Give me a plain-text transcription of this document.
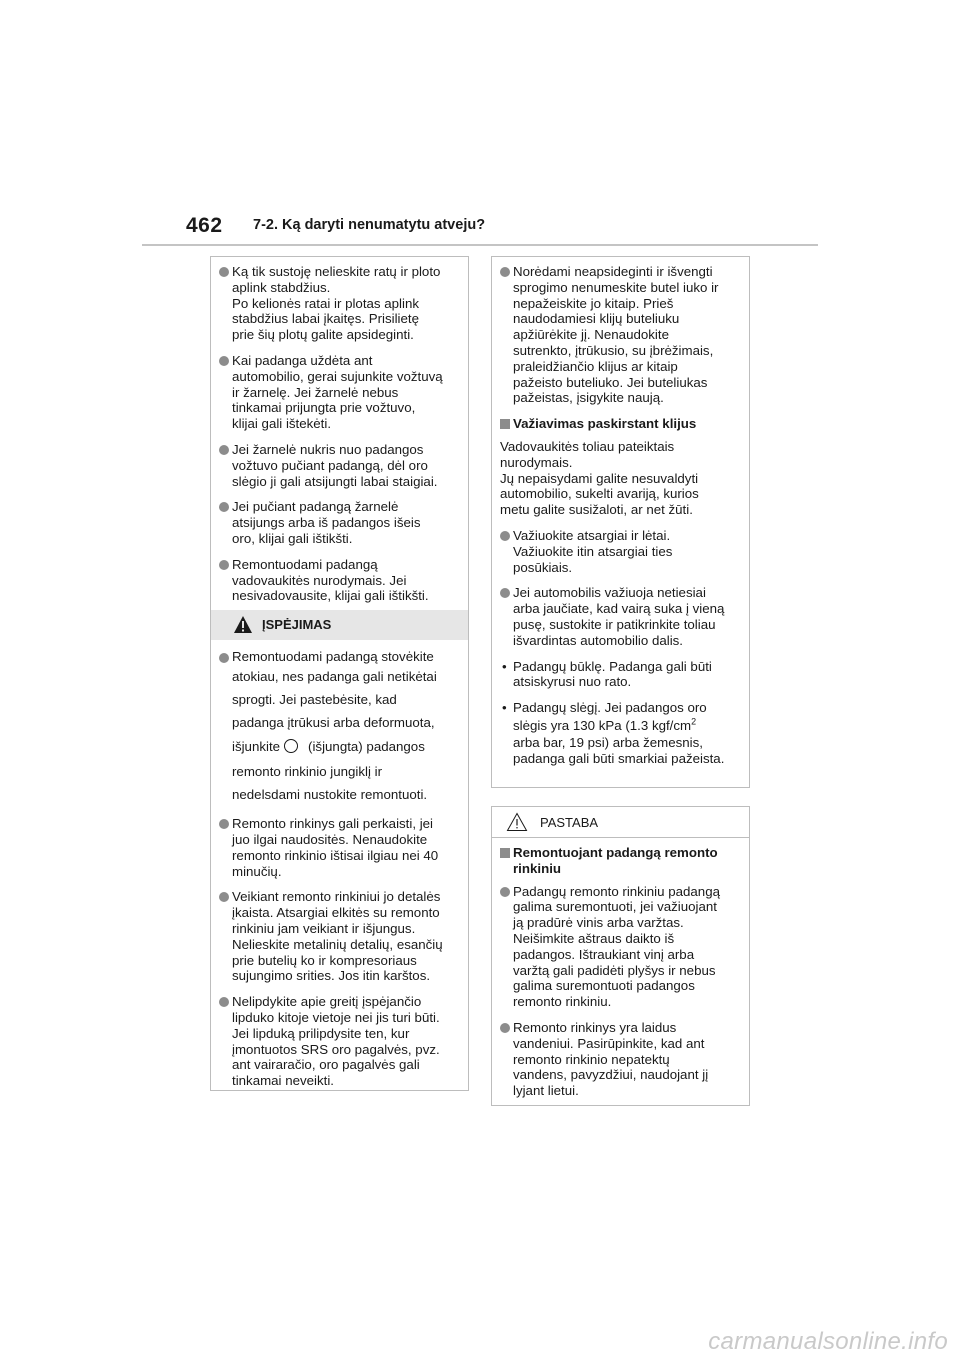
462 7-2. Ką daryti nenumatytu atveju?
Ką tik sustoję nelieskite ratų ir ploto
aplink stabdžius.
Po kelionės ratai ir plotas aplink
stabdžius labai įkaitęs. Prisilietę
prie šių plotų galite apsideginti.
Kai padanga uždėta ant
automobilio, gerai sujunkite vožtuvą
ir žarnelę. Jei žarnelė nebus
tinkamai prijungta prie vožtuvo,
klijai gali ištekėti.
Jei žarnelė nukris nuo padangos
vožtuvo pučiant padangą, dėl oro
slėgio ji gali atsijungti labai staigiai.
Jei pučiant padangą žarnelė
atsijungs arba iš padangos išeis
oro, klijai gali ištikšti.
Remontuodami padangą
vadovaukitės nurodymais. Jei
nesivadovausite, klijai gali ištikšti.
ĮSPĖJIMAS
Remontuodami padangą stovėkite
atokiau, nes padanga gali netikėtai
sprogti. Jei pastebėsite, kad
padanga įtrūkusi arba deformuota,
išjunkite (išjungta) padangos
remonto rinkinio jungiklį ir
nedelsdami nustokite remontuoti.
Remonto rinkinys gali perkaisti, jei
juo ilgai naudositės. Nenaudokite
remonto rinkinio ištisai ilgiau nei 40
minučių.
Veikiant remonto rinkiniui jo detalės
įkaista. Atsargiai elkitės su remonto
rinkiniu jam veikiant ir išjungus.
Nelieskite metalinių detalių, esančių
prie butelių ko ir kompresoriaus
sujungimo srities. Jos itin karštos.
Nelipdykite apie greitį įspėjančio
lipduko kitoje vietoje nei jis turi būti.
Jei lipduką prilipdysite ten, kur
įmontuotos SRS oro pagalvės, pvz.
ant vairaračio, oro pagalvės gali
tinkamai neveikti.
Norėdami neapsideginti ir išvengti
sprogimo nenumeskite butel iuko ir
nepažeiskite jo kitaip. Prieš
naudodamiesi klijų buteliuku
apžiūrėkite jį. Nenaudokite
sutrenkto, įtrūkusio, su įbrėžimais,
praleidžiančio klijus ar kitaip
pažeisto buteliuko. Jei buteliukas
pažeistas, įsigykite naują.
Važiavimas paskirstant klijus
Vadovaukitės toliau pateiktais
nurodymais.
Jų nepaisydami galite nesuvaldyti
automobilio, sukelti avariją, kurios
metu galite susižaloti, ar net žūti.
Važiuokite atsargiai ir lėtai.
Važiuokite itin atsargiai ties
posūkiais.
Jei automobilis važiuoja netiesiai
arba jaučiate, kad vairą suka į vieną
pusę, sustokite ir patikrinkite toliau
išvardintas automobilio dalis.
• Padangų būklę. Padanga gali būti
atsiskyrusi nuo rato.
• Padangų slėgį. Jei padangos oro
slėgis yra 130 kPa (1.3 kgf/$cm^2$
arba bar, 19 psi) arba žemesnis,
padanga gali būti smarkiai pažeista.
PASTABA
Remontuojant padangą remonto
rinkiniu
Padangų remonto rinkiniu padangą
galima suremontuoti, jei važiuojant
ją pradūrė vinis arba varžtas.
Neišimkite aštraus daikto iš
padangos. Ištraukiant vinį arba
varžtą gali padidėti plyšys ir nebus
galima suremontuoti padangos
remonto rinkiniu.
Remonto rinkinys yra laidus
vandeniui. Pasirūpinkite, kad ant
remonto rinkinio nepatektų
vandens, pavyzdžiui, naudojant jį
lyjant lietui.
carmanualsonline.info
